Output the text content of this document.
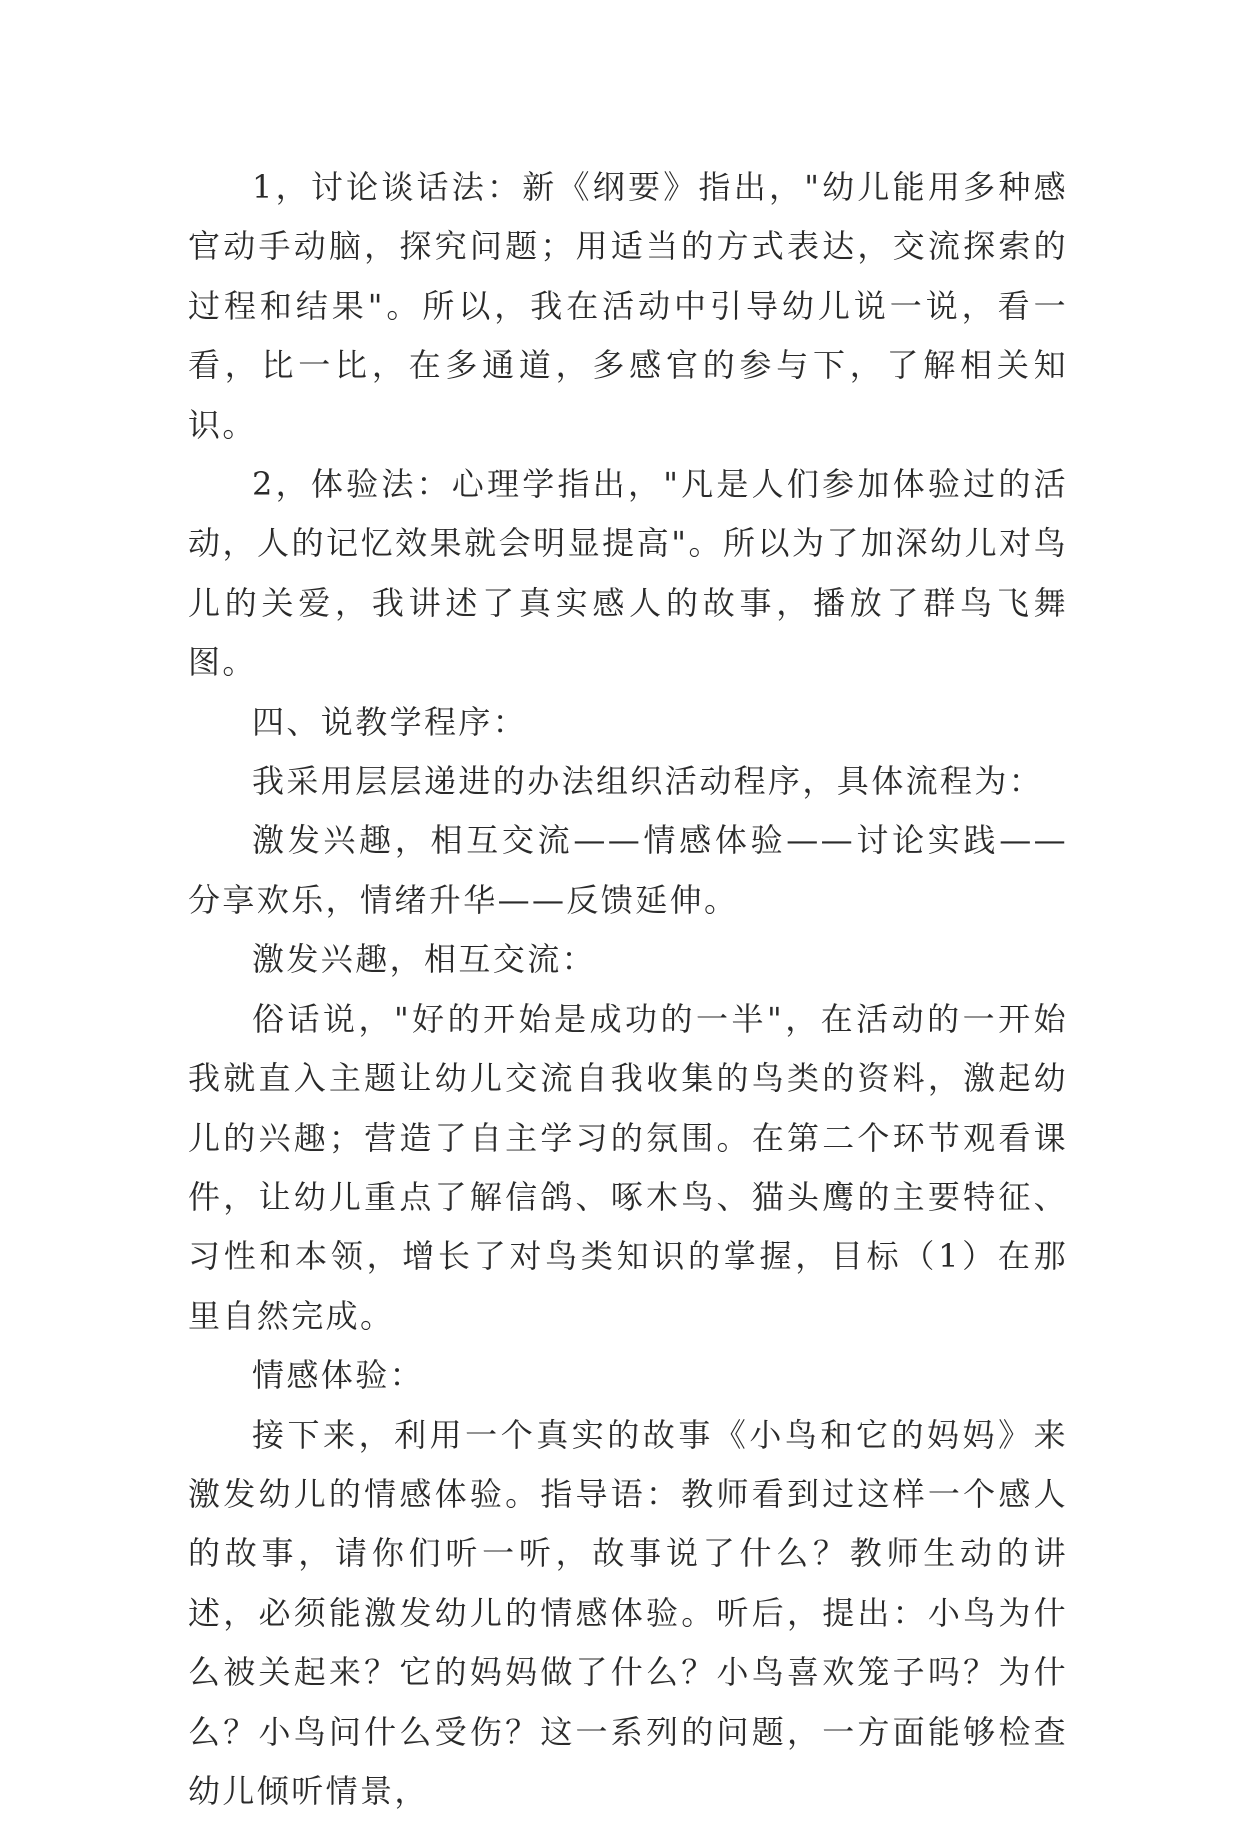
1，讨论谈话法：新《纲要》指出，"幼儿能用多种感官动手动脑，探究问题；用适当的方式表达，交流探索的过程和结果"。所以，我在活动中引导幼儿说一说，看一看，比一比，在多通道，多感官的参与下，了解相关知识。

2，体验法：心理学指出，"凡是人们参加体验过的活动，人的记忆效果就会明显提高"。所以为了加深幼儿对鸟儿的关爱，我讲述了真实感人的故事，播放了群鸟飞舞图。

四、说教学程序：

我采用层层递进的办法组织活动程序，具体流程为：

激发兴趣，相互交流——情感体验——讨论实践——分享欢乐，情绪升华——反馈延伸。

激发兴趣，相互交流：

俗话说，"好的开始是成功的一半"，在活动的一开始我就直入主题让幼儿交流自我收集的鸟类的资料，激起幼儿的兴趣；营造了自主学习的氛围。在第二个环节观看课件，让幼儿重点了解信鸽、啄木鸟、猫头鹰的主要特征、习性和本领，增长了对鸟类知识的掌握，目标（1）在那里自然完成。

情感体验：

接下来，利用一个真实的故事《小鸟和它的妈妈》来激发幼儿的情感体验。指导语：教师看到过这样一个感人的故事，请你们听一听，故事说了什么？教师生动的讲述，必须能激发幼儿的情感体验。听后，提出：小鸟为什么被关起来？它的妈妈做了什么？小鸟喜欢笼子吗？为什么？小鸟问什么受伤？这一系列的问题，一方面能够检查幼儿倾听情景，
